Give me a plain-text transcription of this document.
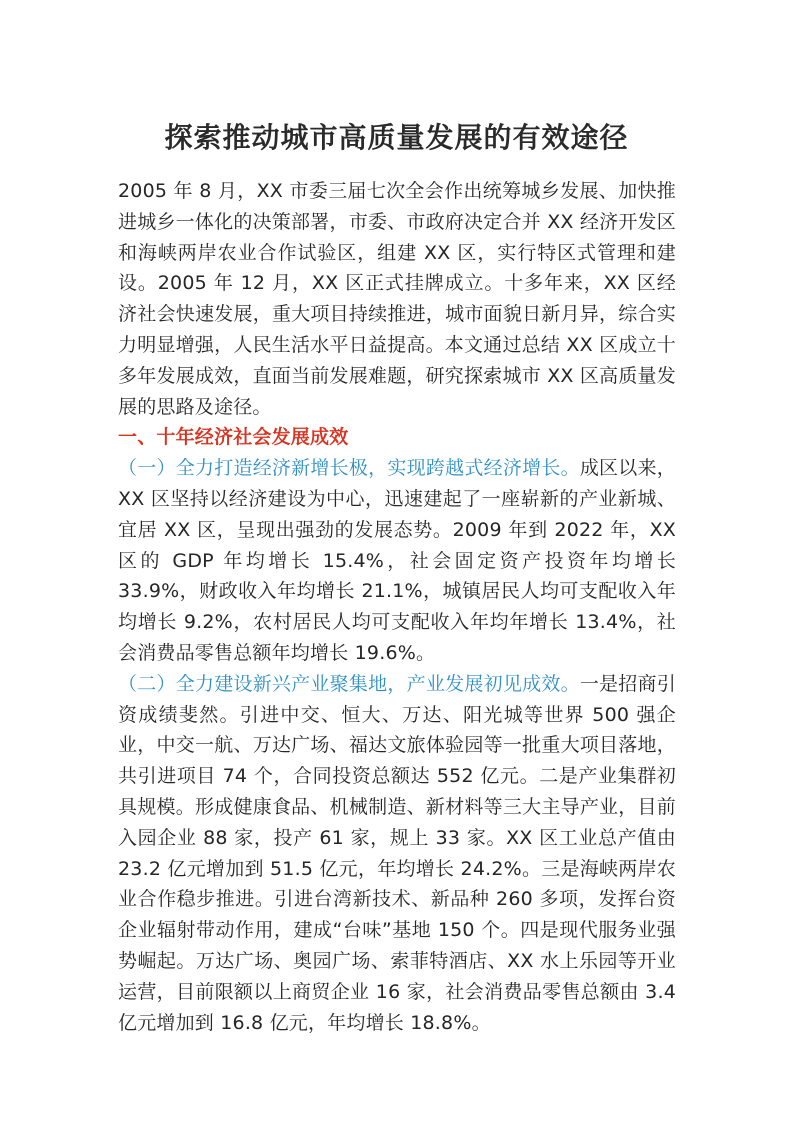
探索推动城市高质量发展的有效途径

2005 年 8 月，XX 市委三届七次全会作出统筹城乡发展、加快推进城乡一体化的决策部署，市委、市政府决定合并 XX 经济开发区和海峡两岸农业合作试验区，组建 XX 区，实行特区式管理和建设。2005 年 12 月，XX 区正式挂牌成立。十多年来，XX 区经济社会快速发展，重大项目持续推进，城市面貌日新月异，综合实力明显增强，人民生活水平日益提高。本文通过总结 XX 区成立十多年发展成效，直面当前发展难题，研究探索城市 XX 区高质量发展的思路及途径。

一、十年经济社会发展成效

（一）全力打造经济新增长极，实现跨越式经济增长。成区以来，XX 区坚持以经济建设为中心，迅速建起了一座崭新的产业新城、宜居 XX 区，呈现出强劲的发展态势。2009 年到 2022 年，XX 区的 GDP 年均增长 15.4%，社会固定资产投资年均增长 33.9%，财政收入年均增长 21.1%，城镇居民人均可支配收入年均增长 9.2%，农村居民人均可支配收入年均年增长 13.4%，社会消费品零售总额年均增长 19.6%。

（二）全力建设新兴产业聚集地，产业发展初见成效。一是招商引资成绩斐然。引进中交、恒大、万达、阳光城等世界 500 强企业，中交一航、万达广场、福达文旅体验园等一批重大项目落地，共引进项目 74 个，合同投资总额达 552 亿元。二是产业集群初具规模。形成健康食品、机械制造、新材料等三大主导产业，目前入园企业 88 家，投产 61 家，规上 33 家。XX 区工业总产值由 23.2 亿元增加到 51.5 亿元，年均增长 24.2%。三是海峡两岸农业合作稳步推进。引进台湾新技术、新品种 260 多项，发挥台资企业辐射带动作用，建成“台味”基地 150 个。四是现代服务业强势崛起。万达广场、奥园广场、索菲特酒店、XX 水上乐园等开业运营，目前限额以上商贸企业 16 家，社会消费品零售总额由 3.4 亿元增加到 16.8 亿元，年均增长 18.8%。
